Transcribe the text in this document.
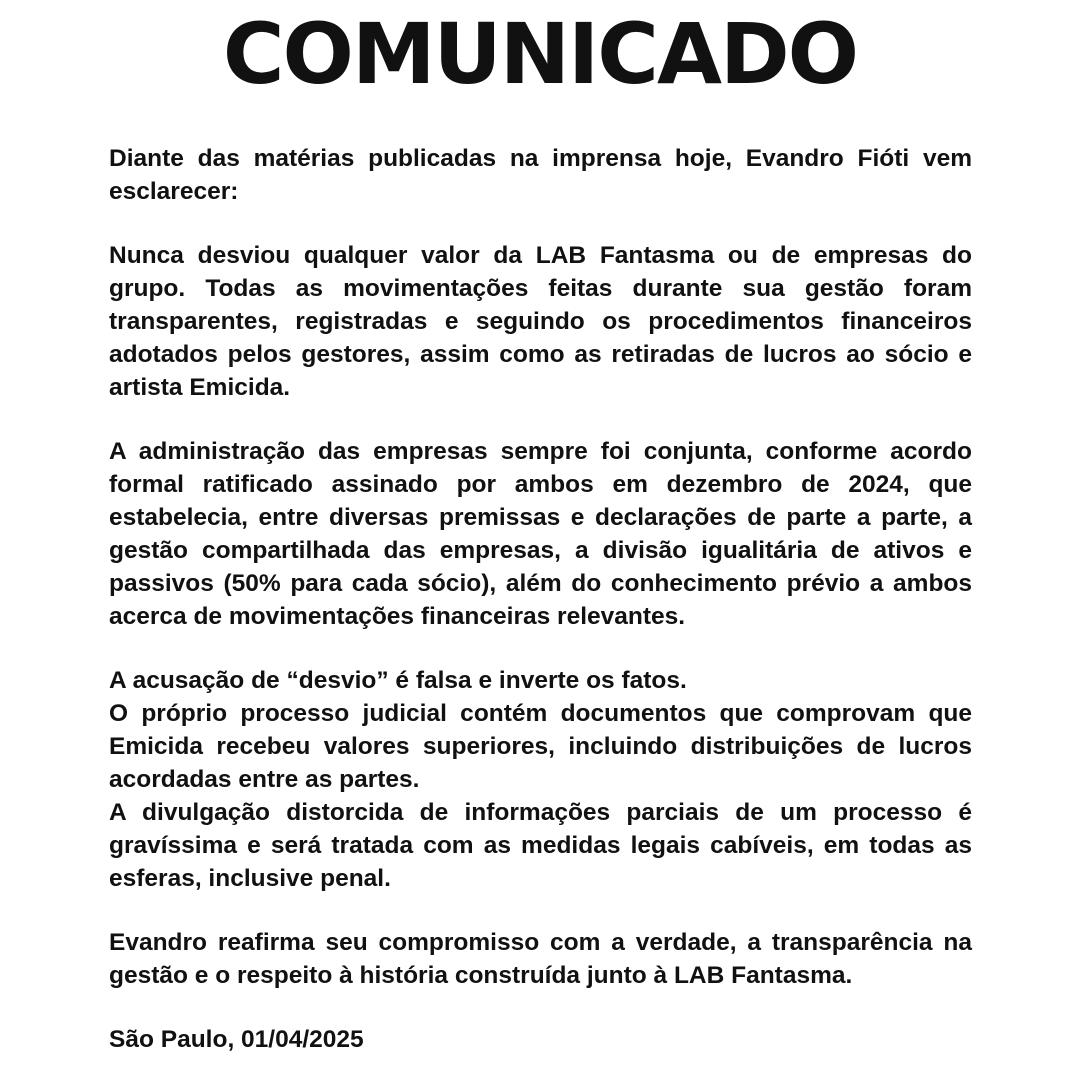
COMUNICADO

Diante das matérias publicadas na imprensa hoje, Evandro Fióti vem esclarecer:

Nunca desviou qualquer valor da LAB Fantasma ou de empresas do grupo. Todas as movimentações feitas durante sua gestão foram transparentes, registradas e seguindo os procedimentos financeiros adotados pelos gestores, assim como as retiradas de lucros ao sócio e artista Emicida.

A administração das empresas sempre foi conjunta, conforme acordo formal ratificado assinado por ambos em dezembro de 2024, que estabelecia, entre diversas premissas e declarações de parte a parte, a gestão compartilhada das empresas, a divisão igualitária de ativos e passivos (50% para cada sócio), além do conhecimento prévio a ambos acerca de movimentações financeiras relevantes.

A acusação de “desvio” é falsa e inverte os fatos.
O próprio processo judicial contém documentos que comprovam que Emicida recebeu valores superiores, incluindo distribuições de lucros acordadas entre as partes.
A divulgação distorcida de informações parciais de um processo é gravíssima e será tratada com as medidas legais cabíveis, em todas as esferas, inclusive penal.

Evandro reafirma seu compromisso com a verdade, a transparência na gestão e o respeito à história construída junto à LAB Fantasma.

São Paulo, 01/04/2025
